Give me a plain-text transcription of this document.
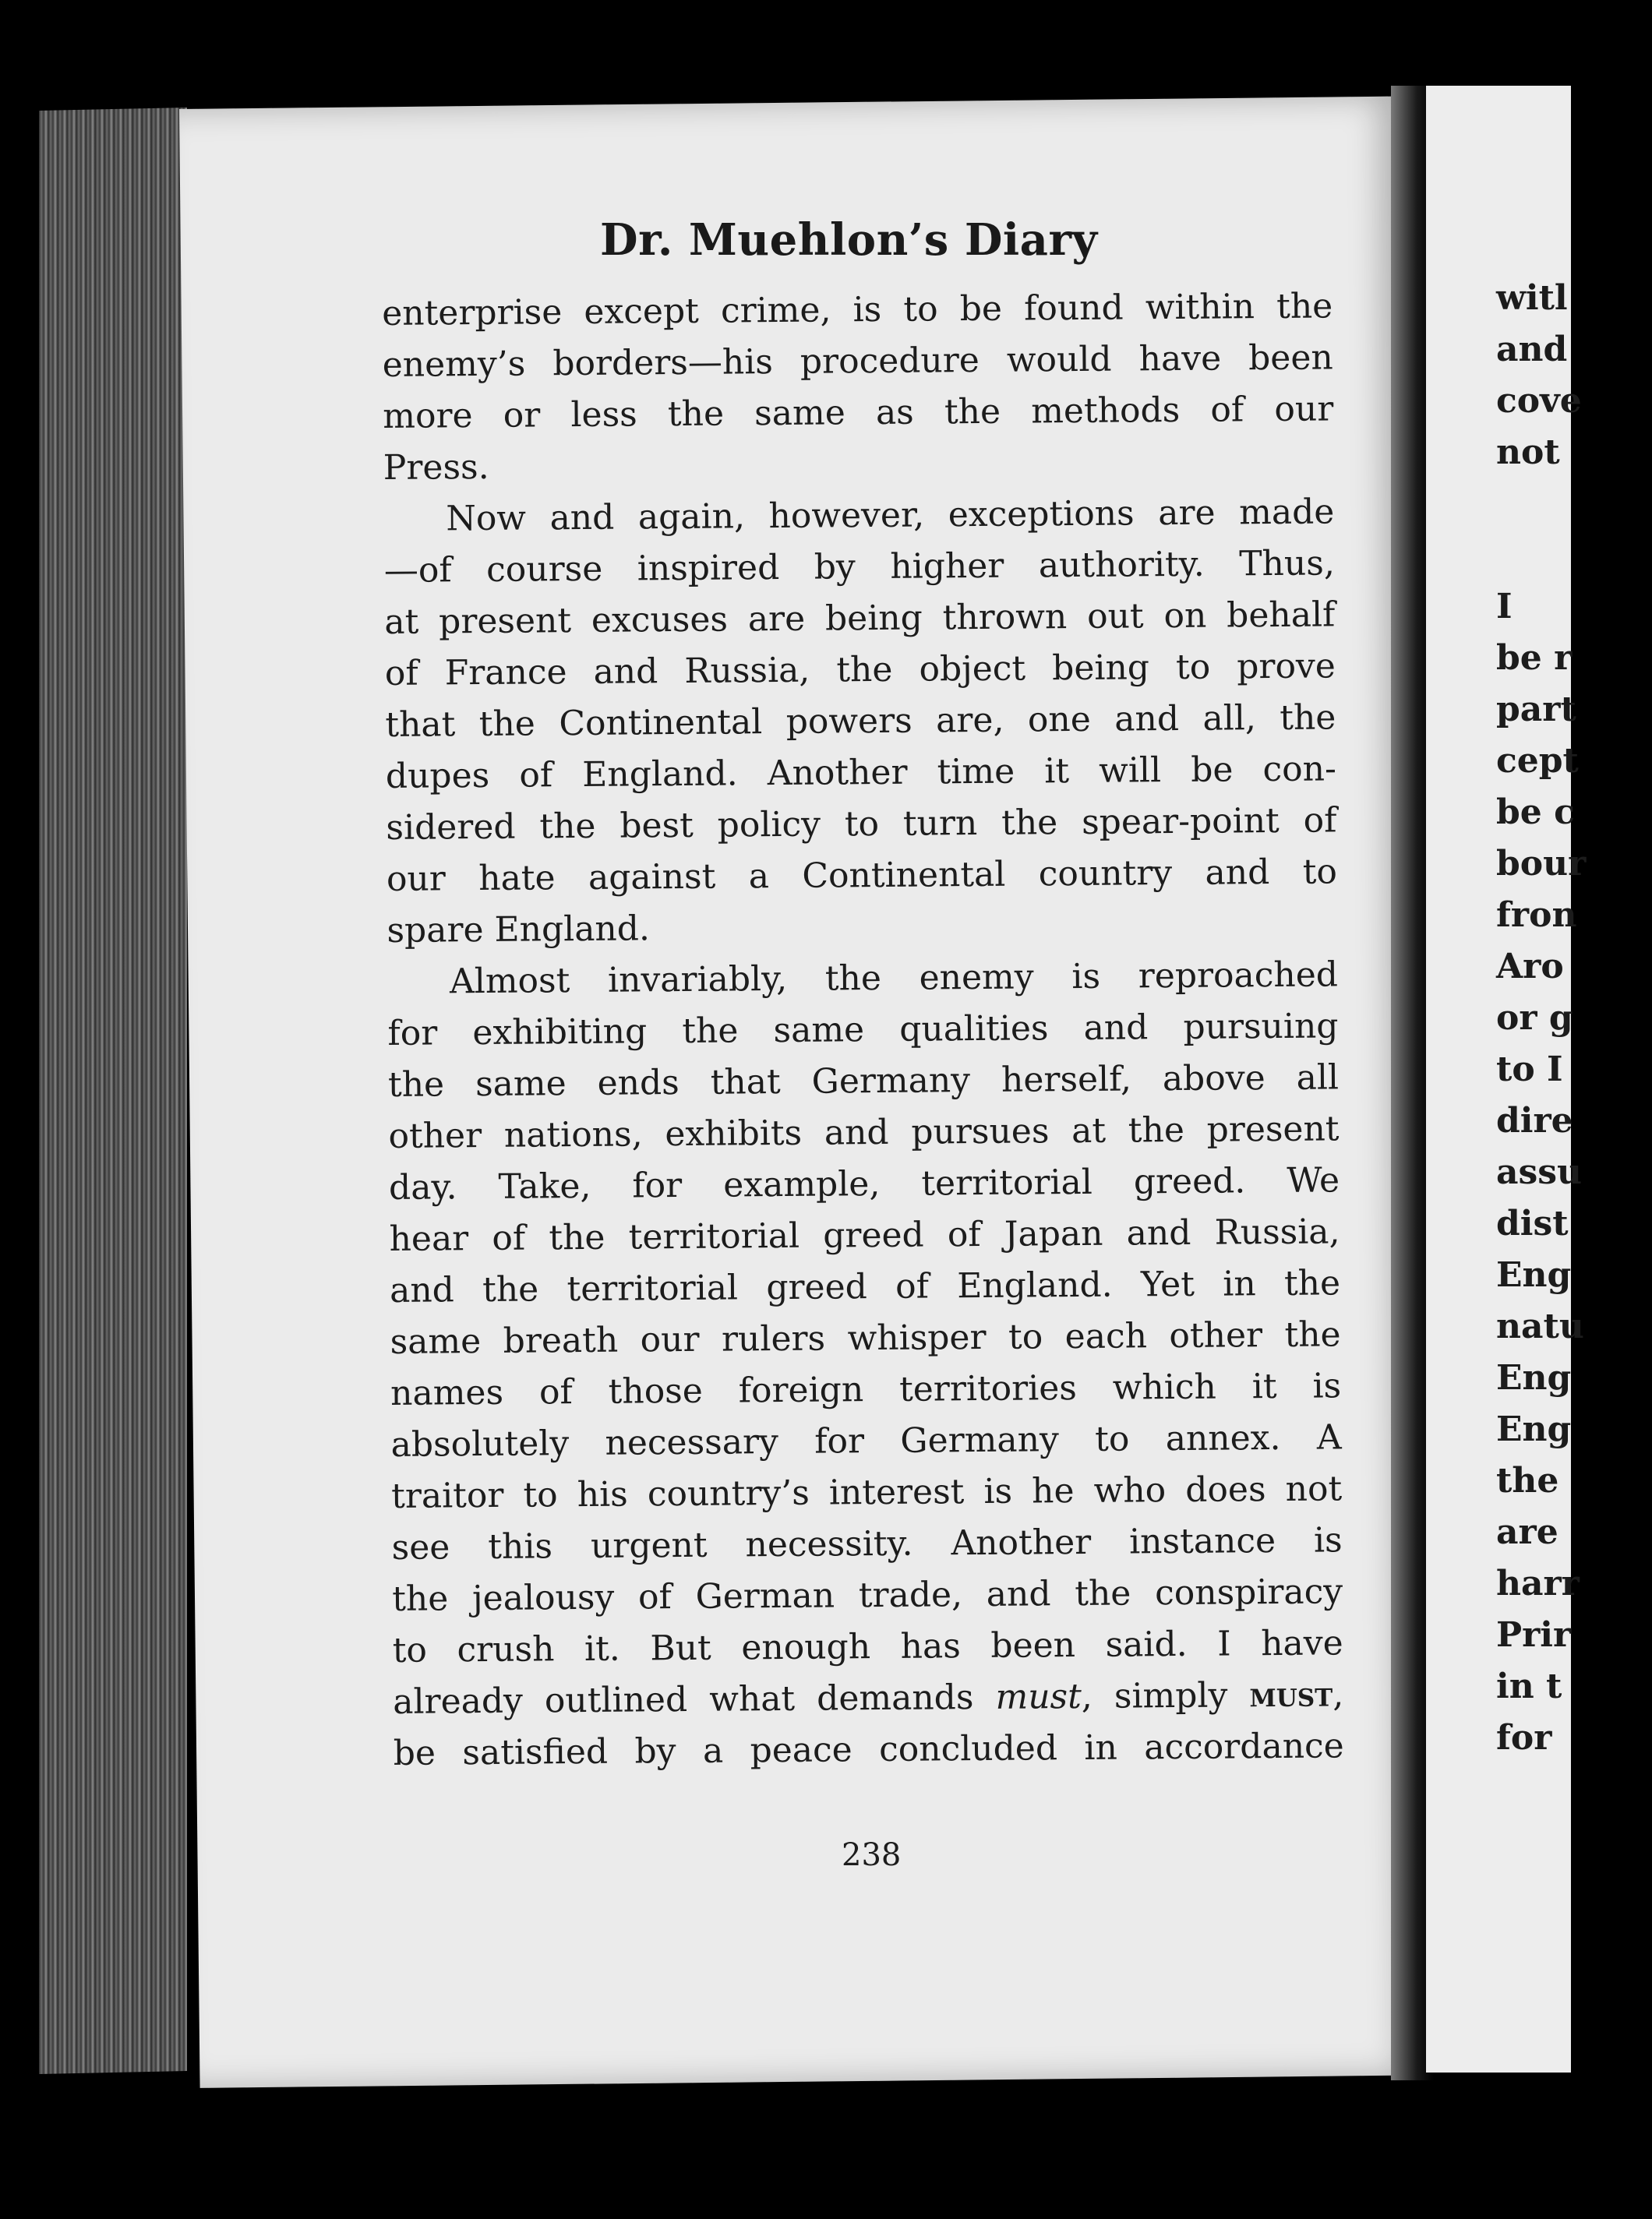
witl
and
cove
not
I
be r
part
cept
be c
bour
fron
Aro
or g
to I
dire
assu
dist
Eng
natu
Eng
Eng
the
are
harr
Prir
in t
for
Dr. Muehlon’s Diary
enterprise except crime, is to be found within the
enemy’s borders—his procedure would have been
more or less the same as the methods of our
Press.
Now and again, however, exceptions are made
—of course inspired by higher authority. Thus,
at present excuses are being thrown out on behalf
of France and Russia, the object being to prove
that the Continental powers are, one and all, the
dupes of England. Another time it will be con-
sidered the best policy to turn the spear-point of
our hate against a Continental country and to
spare England.
Almost invariably, the enemy is reproached
for exhibiting the same qualities and pursuing
the same ends that Germany herself, above all
other nations, exhibits and pursues at the present
day. Take, for example, territorial greed. We
hear of the territorial greed of Japan and Russia,
and the territorial greed of England. Yet in the
same breath our rulers whisper to each other the
names of those foreign territories which it is
absolutely necessary for Germany to annex. A
traitor to his country’s interest is he who does not
see this urgent necessity. Another instance is
the jealousy of German trade, and the conspiracy
to crush it. But enough has been said. I have
already outlined what demands must, simply must,
be satisfied by a peace concluded in accordance
238
